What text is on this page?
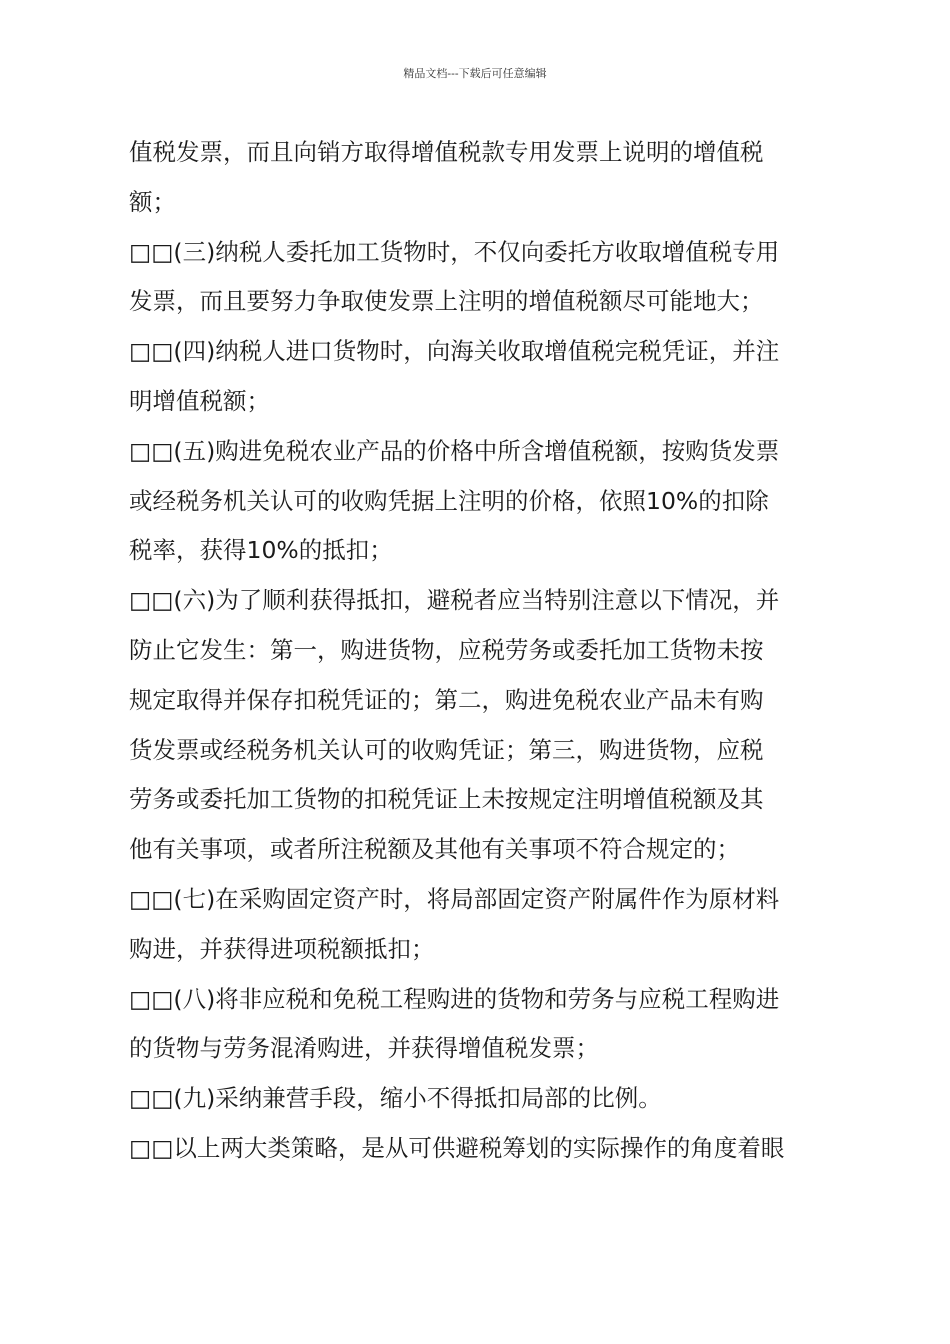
精品文档---下载后可任意编辑
值税发票，而且向销方取得增值税款专用发票上说明的增值税
额；
□□(三)纳税人委托加工货物时，不仅向委托方收取增值税专用
发票，而且要努力争取使发票上注明的增值税额尽可能地大；
□□(四)纳税人进口货物时，向海关收取增值税完税凭证，并注
明增值税额；
□□(五)购进免税农业产品的价格中所含增值税额，按购货发票
或经税务机关认可的收购凭据上注明的价格，依照10%的扣除
税率，获得10%的抵扣；
□□(六)为了顺利获得抵扣，避税者应当特别注意以下情况，并
防止它发生：第一，购进货物，应税劳务或委托加工货物未按
规定取得并保存扣税凭证的；第二，购进免税农业产品未有购
货发票或经税务机关认可的收购凭证；第三，购进货物，应税
劳务或委托加工货物的扣税凭证上未按规定注明增值税额及其
他有关事项，或者所注税额及其他有关事项不符合规定的；
□□(七)在采购固定资产时，将局部固定资产附属件作为原材料
购进，并获得进项税额抵扣；
□□(八)将非应税和免税工程购进的货物和劳务与应税工程购进
的货物与劳务混淆购进，并获得增值税发票；
□□(九)采纳兼营手段，缩小不得抵扣局部的比例。
□□以上两大类策略，是从可供避税筹划的实际操作的角度着眼
